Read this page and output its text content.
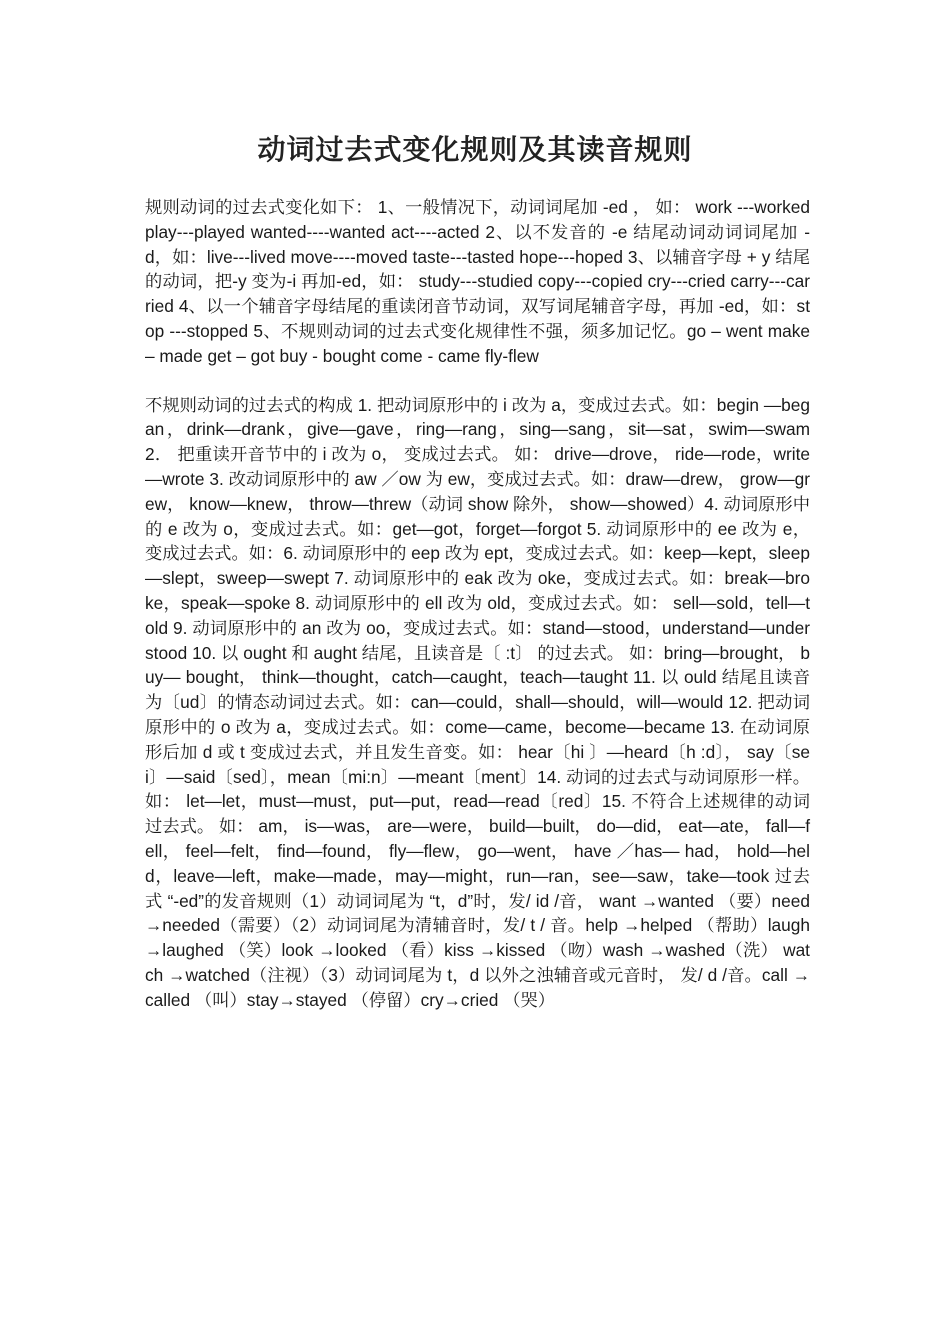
动词过去式变化规则及其读音规则

规则动词的过去式变化如下： 1、一般情况下，动词词尾加 -ed ， 如： work ---worked play---played wanted----wanted act----acted 2、以不发音的 -e 结尾动词动词词尾加 -d，如：live---lived move----moved taste---tasted hope---hoped 3、以辅音字母 + y 结尾的动词，把-y 变为-i 再加-ed，如： study---studied copy---copied cry---cried carry---carried 4、以一个辅音字母结尾的重读闭音节动词，双写词尾辅音字母，再加 -ed，如：stop ---stopped 5、不规则动词的过去式变化规律性不强，须多加记忆。go – went make – made get – got buy - bought come - came fly-flew

不规则动词的过去式的构成 1. 把动词原形中的 i 改为 a，变成过去式。如：begin —began，drink—drank，give—gave，ring—rang，sing—sang，sit—sat，swim—swam 2． 把重读开音节中的 i 改为 o， 变成过去式。 如： drive—drove， ride—rode，write—wrote 3. 改动词原形中的 aw ／ow 为 ew，变成过去式。如：draw—drew， grow—grew， know—knew， throw—threw（动词 show 除外， show—showed）4. 动词原形中的 e 改为 o，变成过去式。如：get—got，forget—forgot 5. 动词原形中的 ee 改为 e，变成过去式。如：6. 动词原形中的 eep 改为 ept，变成过去式。如：keep—kept，sleep—slept，sweep—swept 7. 动词原形中的 eak 改为 oke，变成过去式。如：break—broke，speak—spoke 8. 动词原形中的 ell 改为 old，变成过去式。如： sell—sold，tell—told 9. 动词原形中的 an 改为 oo，变成过去式。如：stand—stood，understand—understood 10. 以 ought 和 aught 结尾，且读音是〔 :t〕 的过去式。 如：bring—brought， buy— bought， think—thought，catch—caught，teach—taught 11. 以 ould 结尾且读音为〔ud〕的情态动词过去式。如：can—could，shall—should，will—would 12. 把动词原形中的 o 改为 a，变成过去式。如：come—came，become—became 13. 在动词原形后加 d 或 t 变成过去式，并且发生音变。如： hear〔hi 〕—heard〔h :d〕， say〔sei〕—said〔sed〕，mean〔mi:n〕—meant〔ment〕14. 动词的过去式与动词原形一样。如： let—let，must—must，put—put，read—read〔red〕15. 不符合上述规律的动词过去式。 如： am， is—was， are—were， build—built， do—did， eat—ate， fall—fell， feel—felt， find—found， fly—flew， go—went， have ／has— had， hold—held，leave—left，make—made，may—might，run—ran，see—saw，take—took 过去式 “-ed”的发音规则（1）动词词尾为 “t，d”时，发/ id /音， want →wanted （要）need →needed（需要）（2）动词词尾为清辅音时，发/ t / 音。help →helped （帮助）laugh →laughed （笑）look →looked （看）kiss →kissed （吻）wash →washed（洗） watch →watched（注视）（3）动词词尾为 t，d 以外之浊辅音或元音时， 发/ d /音。call →called （叫）stay→stayed （停留）cry→cried （哭）
